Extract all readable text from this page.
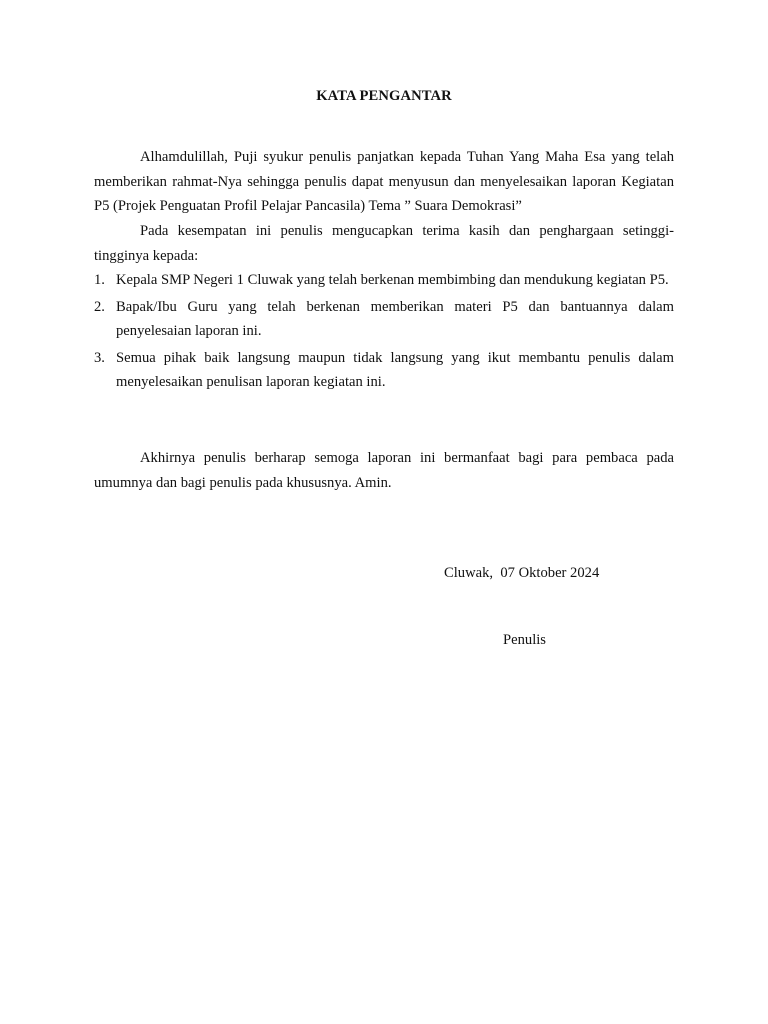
KATA PENGANTAR

Alhamdulillah, Puji syukur penulis panjatkan kepada Tuhan Yang Maha Esa yang telah memberikan rahmat-Nya sehingga penulis dapat menyusun dan menyelesaikan laporan Kegiatan P5 (Projek Penguatan Profil Pelajar Pancasila) Tema ” Suara Demokrasi”

Pada kesempatan ini penulis mengucapkan terima kasih dan penghargaan setinggi-tingginya kepada:

1. Kepala SMP Negeri 1 Cluwak yang telah berkenan membimbing dan mendukung kegiatan P5.
2. Bapak/Ibu Guru yang telah berkenan memberikan materi P5 dan bantuannya dalam penyelesaian laporan ini.
3. Semua pihak baik langsung maupun tidak langsung yang ikut membantu penulis dalam menyelesaikan penulisan laporan kegiatan ini.

Akhirnya penulis berharap semoga laporan ini bermanfaat bagi para pembaca pada umumnya dan bagi penulis pada khususnya. Amin.

Cluwak,  07 Oktober 2024
Penulis
